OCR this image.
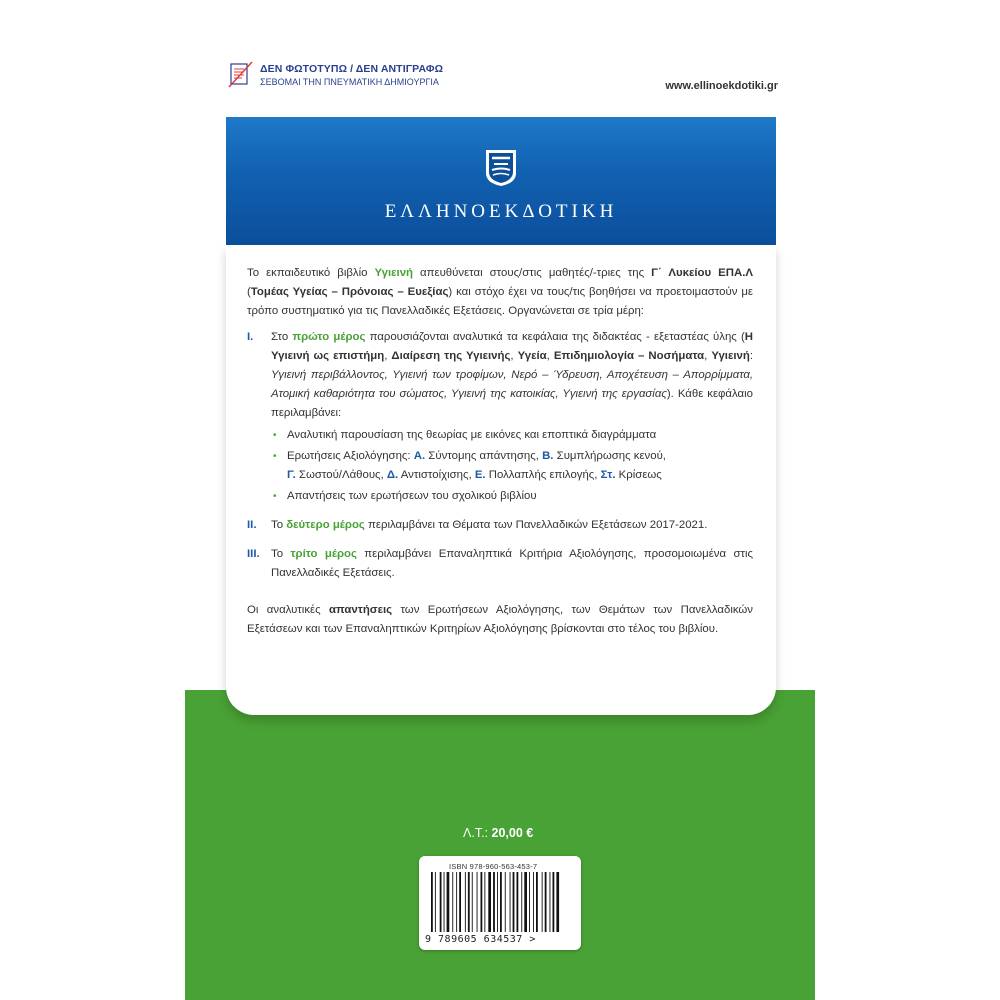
ΔΕΝ ΦΩΤΟΤΥΠΩ / ΔΕΝ ΑΝΤΙΓΡΑΦΩ
ΣΕΒΟΜΑΙ ΤΗΝ ΠΝΕΥΜΑΤΙΚΗ ΔΗΜΙΟΥΡΓΙΑ	www.ellinoekdotiki.gr
ΕΛΛΗΝΟΕΚΔΟΤΙΚΗ

Το εκπαιδευτικό βιβλίο Υγιεινή απευθύνεται στους/στις μαθητές/-τριες της Γ΄ Λυκείου ΕΠΑ.Λ (Τομέας Υγείας – Πρόνοιας – Ευεξίας) και στόχο έχει να τους/τις βοηθήσει να προετοιμαστούν με τρόπο συστηματικό για τις Πανελλαδικές Εξετάσεις. Οργανώνεται σε τρία μέρη:

I.	Στο πρώτο μέρος παρουσιάζονται αναλυτικά τα κεφάλαια της διδακτέας - εξεταστέας ύλης (Η Υγιεινή ως επιστήμη, Διαίρεση της Υγιεινής, Υγεία, Επιδημιολογία – Νοσήματα, Υγιεινή: Υγιεινή περιβάλλοντος, Υγιεινή των τροφίμων, Νερό – Ύδρευση, Αποχέτευση – Απορρίμματα, Ατομική καθαριότητα του σώματος, Υγιεινή της κατοικίας, Υγιεινή της εργασίας). Κάθε κεφάλαιο περιλαμβάνει:
• Αναλυτική παρουσίαση της θεωρίας με εικόνες και εποπτικά διαγράμματα
• Ερωτήσεις Αξιολόγησης: Α. Σύντομης απάντησης, Β. Συμπλήρωσης κενού,
Γ. Σωστού/Λάθους, Δ. Αντιστοίχισης, Ε. Πολλαπλής επιλογής, Στ. Κρίσεως
• Απαντήσεις των ερωτήσεων του σχολικού βιβλίου
II.	Το δεύτερο μέρος περιλαμβάνει τα Θέματα των Πανελλαδικών Εξετάσεων 2017-2021.
III. Το τρίτο μέρος περιλαμβάνει Επαναληπτικά Κριτήρια Αξιολόγησης, προσομοιωμένα στις Πανελλαδικές Εξετάσεις.

Οι αναλυτικές απαντήσεις των Ερωτήσεων Αξιολόγησης, των Θεμάτων των Πανελλαδικών Εξετάσεων και των Επαναληπτικών Κριτηρίων Αξιολόγησης βρίσκονται στο τέλος του βιβλίου.

Λ.Τ.: 20,00 €
ISBN 978-960-563-453-7
9 789605 634537 >
